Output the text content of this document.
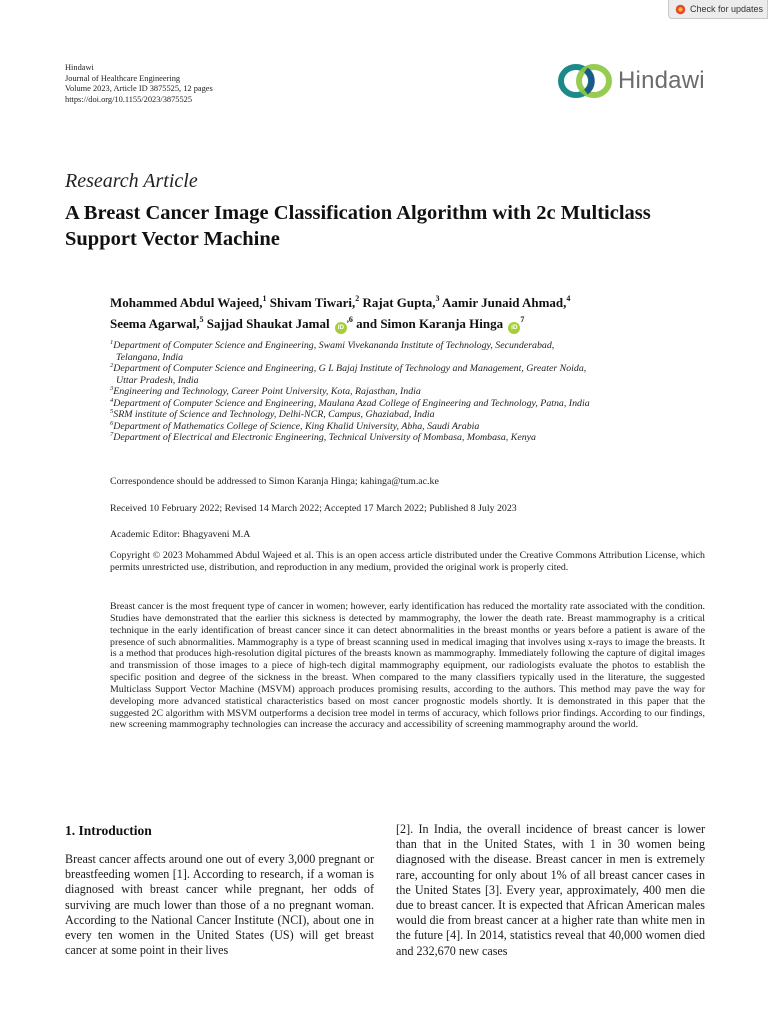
Check for updates
Hindawi
Journal of Healthcare Engineering
Volume 2023, Article ID 3875525, 12 pages
https://doi.org/10.1155/2023/3875525
Hindawi
Research Article
A Breast Cancer Image Classification Algorithm with 2c Multiclass Support Vector Machine
Mohammed Abdul Wajeed,$^1$ Shivam Tiwari,$^2$ Rajat Gupta,$^3$ Aamir Junaid Ahmad,$^4$
Seema Agarwal,$^5$ Sajjad Shaukat Jamal $iD^{,6}$ and Simon Karanja Hinga $iD^7$
$^1$Department of Computer Science and Engineering, Swami Vivekananda Institute of Technology, Secunderabad,
Telangana, India
$^2$Department of Computer Science and Engineering, G L Bajaj Institute of Technology and Management, Greater Noida,
Uttar Pradesh, India
$^3$Engineering and Technology, Career Point University, Kota, Rajasthan, India
$^4$Department of Computer Science and Engineering, Maulana Azad College of Engineering and Technology, Patna, India
$^5$SRM institute of Science and Technology, Delhi-NCR, Campus, Ghaziabad, India
$^6$Department of Mathematics College of Science, King Khalid University, Abha, Saudi Arabia
$^7$Department of Electrical and Electronic Engineering, Technical University of Mombasa, Mombasa, Kenya
Correspondence should be addressed to Simon Karanja Hinga; kahinga@tum.ac.ke
Received 10 February 2022; Revised 14 March 2022; Accepted 17 March 2022; Published 8 July 2023
Academic Editor: Bhagyaveni M.A
Copyright © 2023 Mohammed Abdul Wajeed et al. This is an open access article distributed under the Creative Commons Attribution License, which permits unrestricted use, distribution, and reproduction in any medium, provided the original work is properly cited.
Breast cancer is the most frequent type of cancer in women; however, early identification has reduced the mortality rate associated with the condition. Studies have demonstrated that the earlier this sickness is detected by mammography, the lower the death rate. Breast mammography is a critical technique in the early identification of breast cancer since it can detect abnormalities in the breast months or years before a patient is aware of the presence of such abnormalities. Mammography is a type of breast scanning used in medical imaging that involves using x-rays to image the breasts. It is a method that produces high-resolution digital pictures of the breasts known as mammography. Immediately following the capture of digital images and transmission of those images to a piece of high-tech digital mammography equipment, our radiologists evaluate the photos to establish the specific position and degree of the sickness in the breast. When compared to the many classifiers typically used in the literature, the suggested Multiclass Support Vector Machine (MSVM) approach produces promising results, according to the authors. This method may pave the way for developing more advanced statistical characteristics based on most cancer prognostic models shortly. It is demonstrated in this paper that the suggested 2C algorithm with MSVM outperforms a decision tree model in terms of accuracy, which follows prior findings. According to our findings, new screening mammography technologies can increase the accuracy and accessibility of screening mammography around the world.
1. Introduction
Breast cancer affects around one out of every 3,000 pregnant or breastfeeding women [1]. According to research, if a woman is diagnosed with breast cancer while pregnant, her odds of surviving are much lower than those of a no pregnant woman. According to the National Cancer Institute (NCI), about one in every ten women in the United States (US) will get breast cancer at some point in their lives
[2]. In India, the overall incidence of breast cancer is lower than that in the United States, with 1 in 30 women being diagnosed with the disease. Breast cancer in men is extremely rare, accounting for only about 1% of all breast cancer cases in the United States [3]. Every year, approximately, 400 men die due to breast cancer. It is expected that African American males would die from breast cancer at a higher rate than white men in the future [4]. In 2014, statistics reveal that 40,000 women died and 232,670 new cases
